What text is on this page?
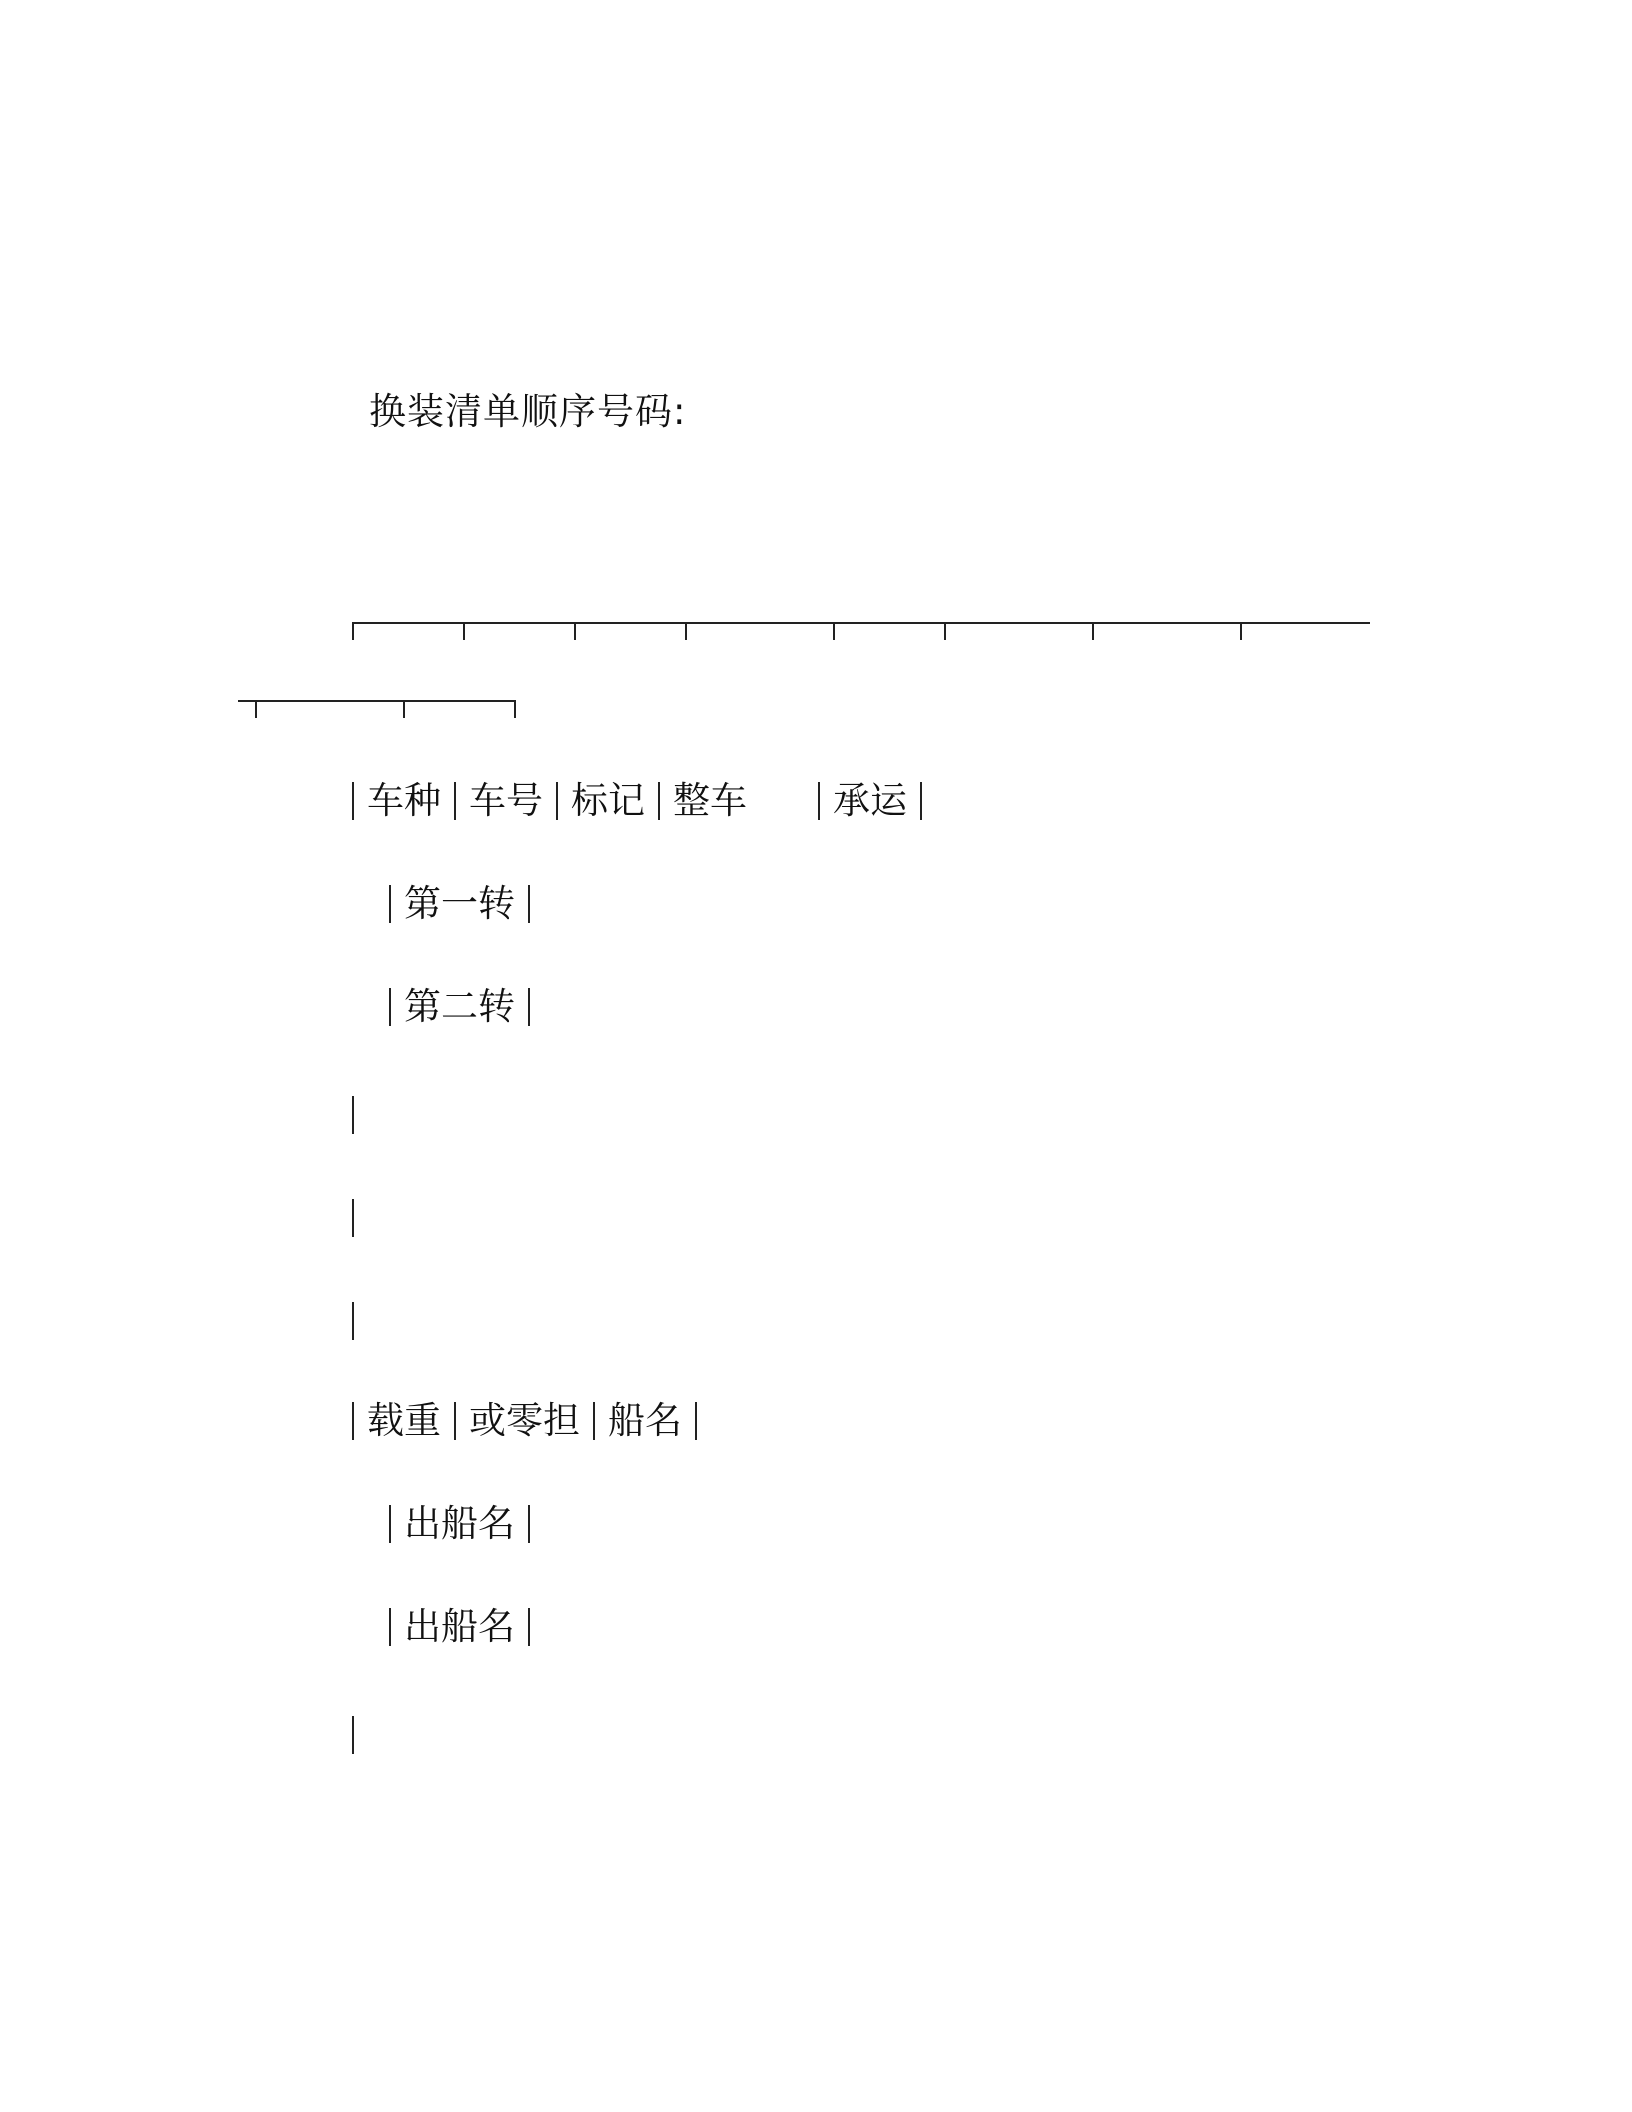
换装清单顺序号码:
车种 车号 标记 整车 承运
第一转
第二转
载重 或零担 船名
出船名
出船名
